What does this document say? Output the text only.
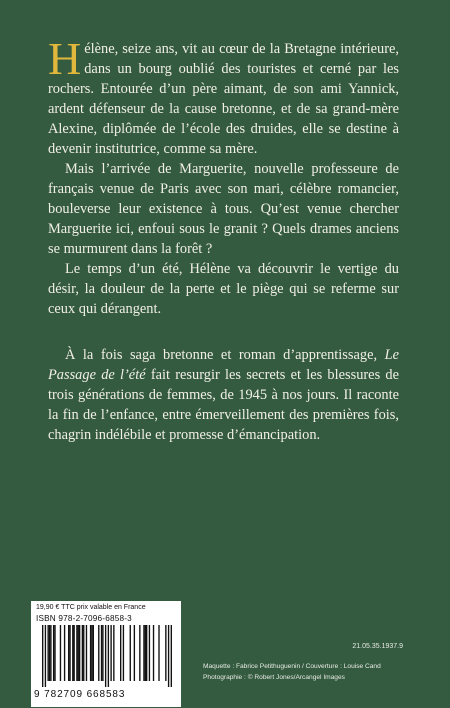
Hélène, seize ans, vit au cœur de la Bretagne intérieure, dans un bourg oublié des touristes et cerné par les rochers. Entourée d’un père aimant, de son ami Yannick, ardent défenseur de la cause bretonne, et de sa grand-mère Alexine, diplômée de l’école des druides, elle se destine à devenir institutrice, comme sa mère.

Mais l’arrivée de Marguerite, nouvelle professeure de français venue de Paris avec son mari, célèbre romancier, bouleverse leur existence à tous. Qu’est venue chercher Marguerite ici, enfoui sous le granit ? Quels drames anciens se murmurent dans la forêt ?

Le temps d’un été, Hélène va découvrir le vertige du désir, la douleur de la perte et le piège qui se referme sur ceux qui dérangent.

À la fois saga bretonne et roman d’apprentissage, Le Passage de l’été fait resurgir les secrets et les blessures de trois générations de femmes, de 1945 à nos jours. Il raconte la fin de l’enfance, entre émerveillement des premières fois, chagrin indélébile et promesse d’émancipation.

19,90 € TTC prix valable en France
ISBN 978-2-7096-6858-3
9 782709 668583
21.05.35.1937.9
Maquette : Fabrice Petithuguenin / Couverture : Louise Cand
Photographie : © Robert Jones/Arcangel Images
